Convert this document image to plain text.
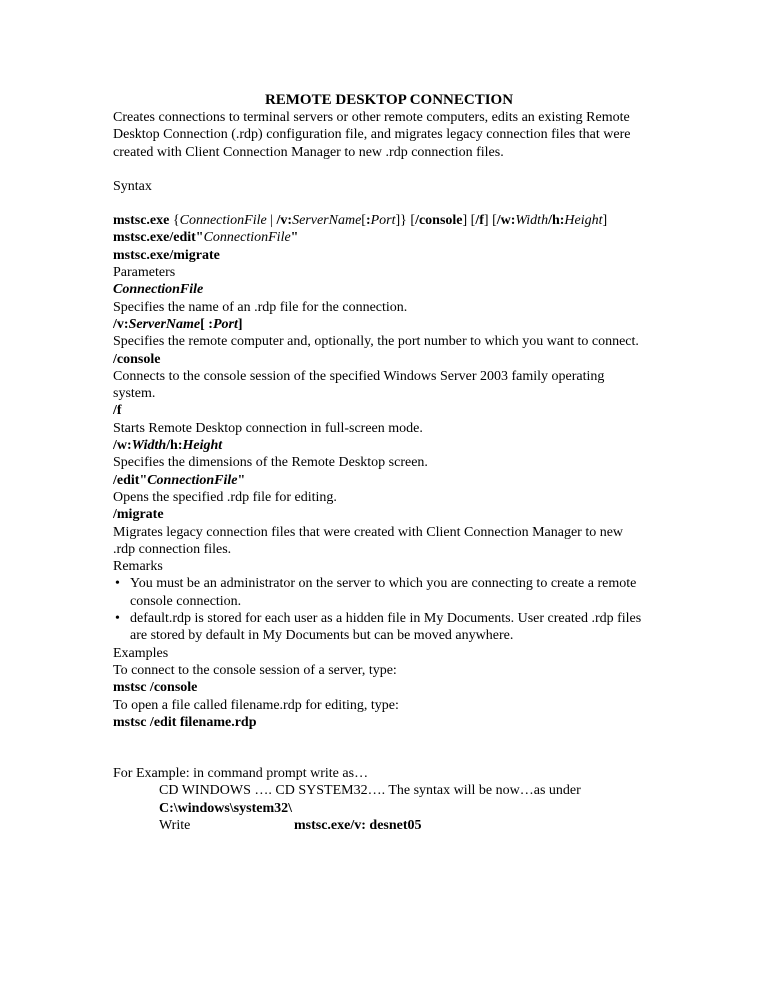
REMOTE DESKTOP CONNECTION

Creates connections to terminal servers or other remote computers, edits an existing Remote Desktop Connection (.rdp) configuration file, and migrates legacy connection files that were created with Client Connection Manager to new .rdp connection files.

Syntax

mstsc.exe {ConnectionFile | /v:ServerName[:Port]} [/console] [/f] [/w:Width/h:Height]

mstsc.exe/edit"ConnectionFile"

mstsc.exe/migrate

Parameters

ConnectionFile

Specifies the name of an .rdp file for the connection.

/v:ServerName[ :Port]

Specifies the remote computer and, optionally, the port number to which you want to connect.

/console

Connects to the console session of the specified Windows Server 2003 family operating system.

/f

Starts Remote Desktop connection in full-screen mode.

/w:Width/h:Height

Specifies the dimensions of the Remote Desktop screen.

/edit"ConnectionFile"

Opens the specified .rdp file for editing.

/migrate

Migrates legacy connection files that were created with Client Connection Manager to new .rdp connection files.

Remarks

• You must be an administrator on the server to which you are connecting to create a remote console connection.
• default.rdp is stored for each user as a hidden file in My Documents. User created .rdp files are stored by default in My Documents but can be moved anywhere.

Examples

To connect to the console session of a server, type:

mstsc /console

To open a file called filename.rdp for editing, type:

mstsc /edit filename.rdp

For Example: in command prompt write as…

CD WINDOWS …. CD SYSTEM32…. The syntax will be now…as under

C:\windows\system32\

Write	mstsc.exe/v: desnet05
